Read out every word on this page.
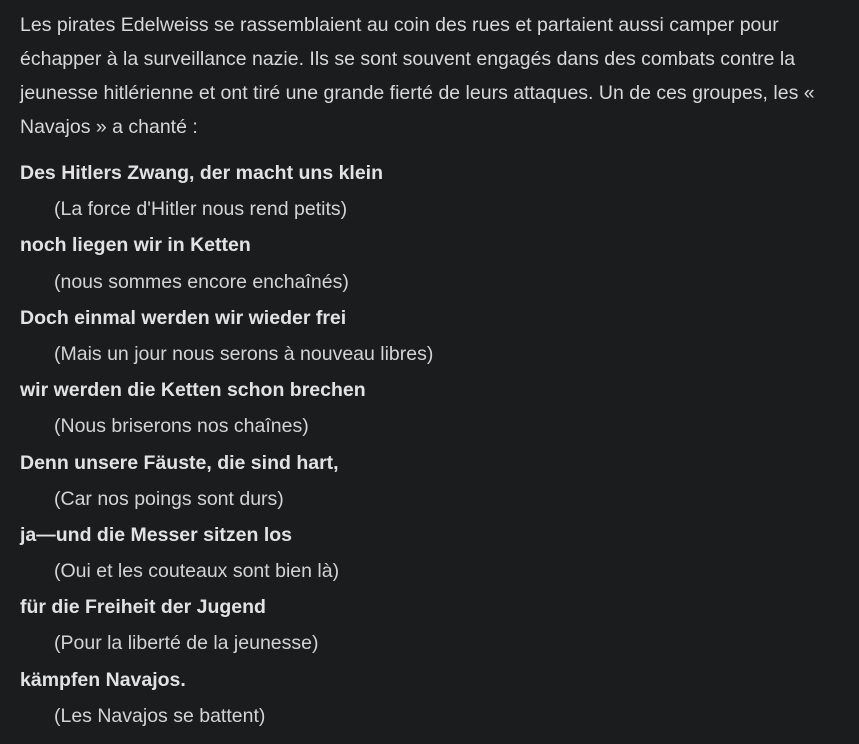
Les pirates Edelweiss se rassemblaient au coin des rues et partaient aussi camper pour échapper à la surveillance nazie. Ils se sont souvent engagés dans des combats contre la jeunesse hitlérienne et ont tiré une grande fierté de leurs attaques. Un de ces groupes, les « Navajos » a chanté :

Des Hitlers Zwang, der macht uns klein
(La force d'Hitler nous rend petits)
noch liegen wir in Ketten
(nous sommes encore enchaînés)
Doch einmal werden wir wieder frei
(Mais un jour nous serons à nouveau libres)
wir werden die Ketten schon brechen
(Nous briserons nos chaînes)
Denn unsere Fäuste, die sind hart,
(Car nos poings sont durs)
ja—und die Messer sitzen los
(Oui et les couteaux sont bien là)
für die Freiheit der Jugend
(Pour la liberté de la jeunesse)
kämpfen Navajos.
(Les Navajos se battent)
